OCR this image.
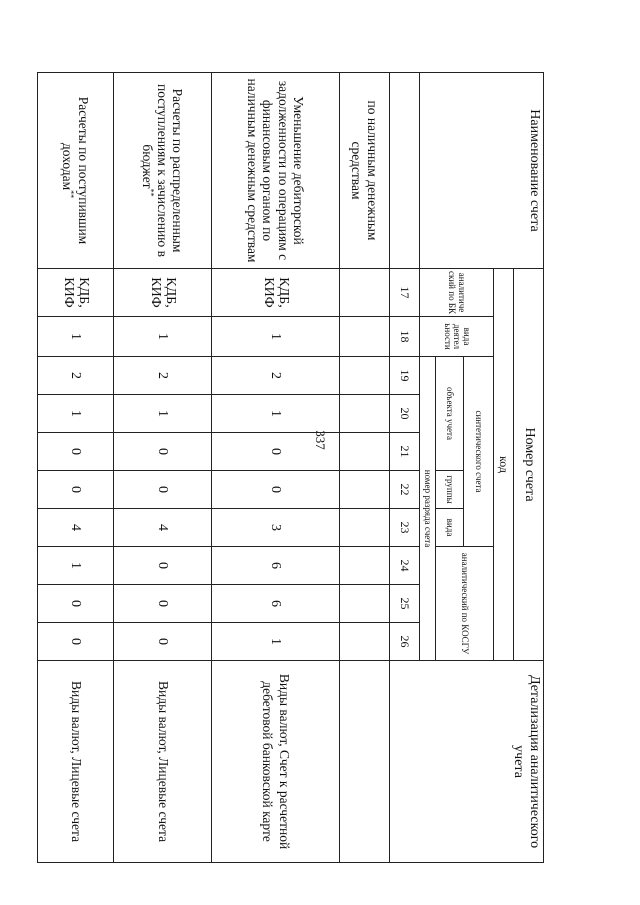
337
Наименование счета	Номер счета										Детализация аналитического учета
	код										
	аналитиче ский по БК	вида деятел ьности	синтетического счета					аналитический по КОСГУ			
			объекта учета			группы	вида				
			номер разряда счета								
	17	18	19	20	21	22	23	24	25	26	
по наличным денежным средствам											
Уменьшение дебиторской задолженности по операциям с финансовым органом по наличным денежным средствам	КДБ, КИФ	1	2	1	0	0	3	6	6	1	Виды валют, Счет к расчетной дебетовой банковской карте
Расчеты по распределенным поступлениям к зачислению в бюджет**	КДБ, КИФ	1	2	1	0	0	4	0	0	0	Виды валют, Лицевые счета
Расчеты по поступившим доходам**	КДБ, КИФ	1	2	1	0	0	4	1	0	0	Виды валют, Лицевые счета
